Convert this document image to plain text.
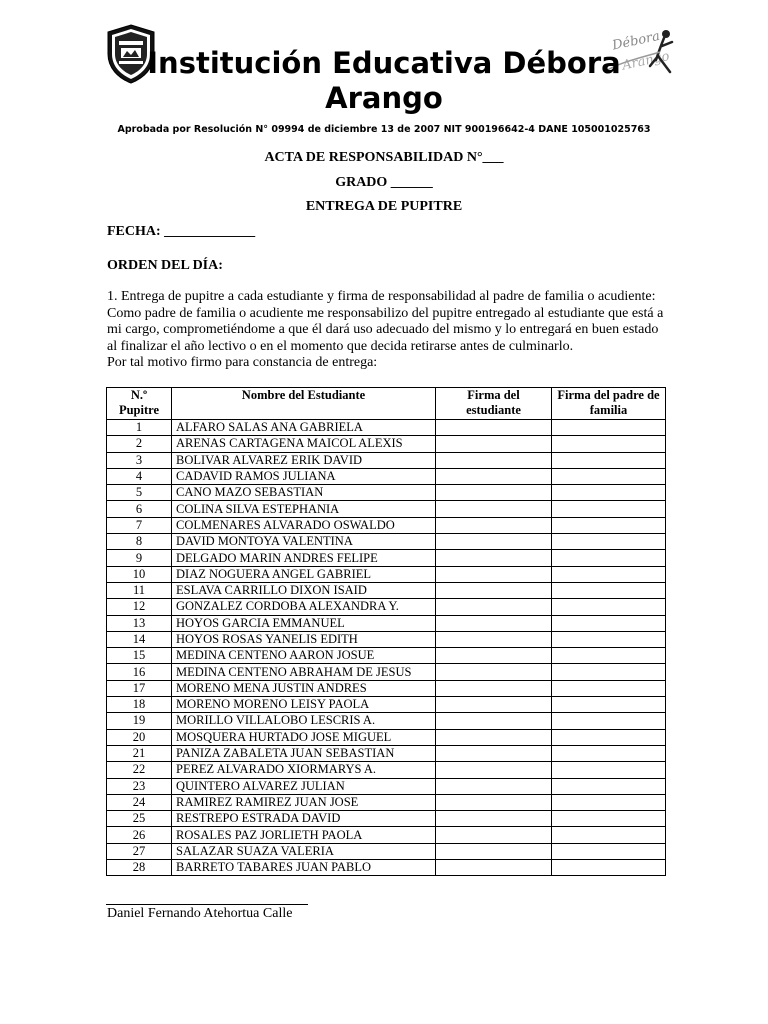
Débora
Arango
Institución Educativa Débora Arango
Aprobada por Resolución N° 09994 de diciembre 13 de 2007 NIT 900196642-4 DANE 105001025763
ACTA DE RESPONSABILIDAD N°___
GRADO ______
ENTREGA DE PUPITRE
FECHA: _____________
ORDEN DEL DÍA:

1. Entrega de pupitre a cada estudiante y firma de responsabilidad al padre de familia o acudiente: Como padre de familia o acudiente me responsabilizo del pupitre entregado al estudiante que está a mi cargo, comprometiéndome a que él dará uso adecuado del mismo y lo entregará en buen estado al finalizar el año lectivo o en el momento que decida retirarse antes de culminarlo.

Por tal motivo firmo para constancia de entrega:

N.º Pupitre	Nombre del Estudiante	Firma del estudiante	Firma del padre de familia
1	ALFARO SALAS ANA GABRIELA		
2	ARENAS CARTAGENA MAICOL ALEXIS		
3	BOLIVAR ALVAREZ ERIK DAVID		
4	CADAVID RAMOS JULIANA		
5	CANO MAZO SEBASTIAN		
6	COLINA SILVA ESTEPHANIA		
7	COLMENARES ALVARADO OSWALDO		
8	DAVID MONTOYA VALENTINA		
9	DELGADO MARIN ANDRES FELIPE		
10	DIAZ NOGUERA ANGEL GABRIEL		
11	ESLAVA CARRILLO DIXON ISAID		
12	GONZALEZ CORDOBA ALEXANDRA Y.		
13	HOYOS GARCIA EMMANUEL		
14	HOYOS ROSAS YANELIS EDITH		
15	MEDINA CENTENO AARON JOSUE		
16	MEDINA CENTENO ABRAHAM DE JESUS		
17	MORENO MENA JUSTIN ANDRES		
18	MORENO MORENO LEISY PAOLA		
19	MORILLO VILLALOBO LESCRIS A.		
20	MOSQUERA HURTADO JOSE MIGUEL		
21	PANIZA ZABALETA JUAN SEBASTIAN		
22	PEREZ ALVARADO XIORMARYS A.		
23	QUINTERO ALVAREZ JULIAN		
24	RAMIREZ RAMIREZ JUAN JOSE		
25	RESTREPO ESTRADA DAVID		
26	ROSALES PAZ JORLIETH PAOLA		
27	SALAZAR SUAZA VALERIA		
28	BARRETO TABARES JUAN PABLO		
Daniel Fernando Atehortua Calle
